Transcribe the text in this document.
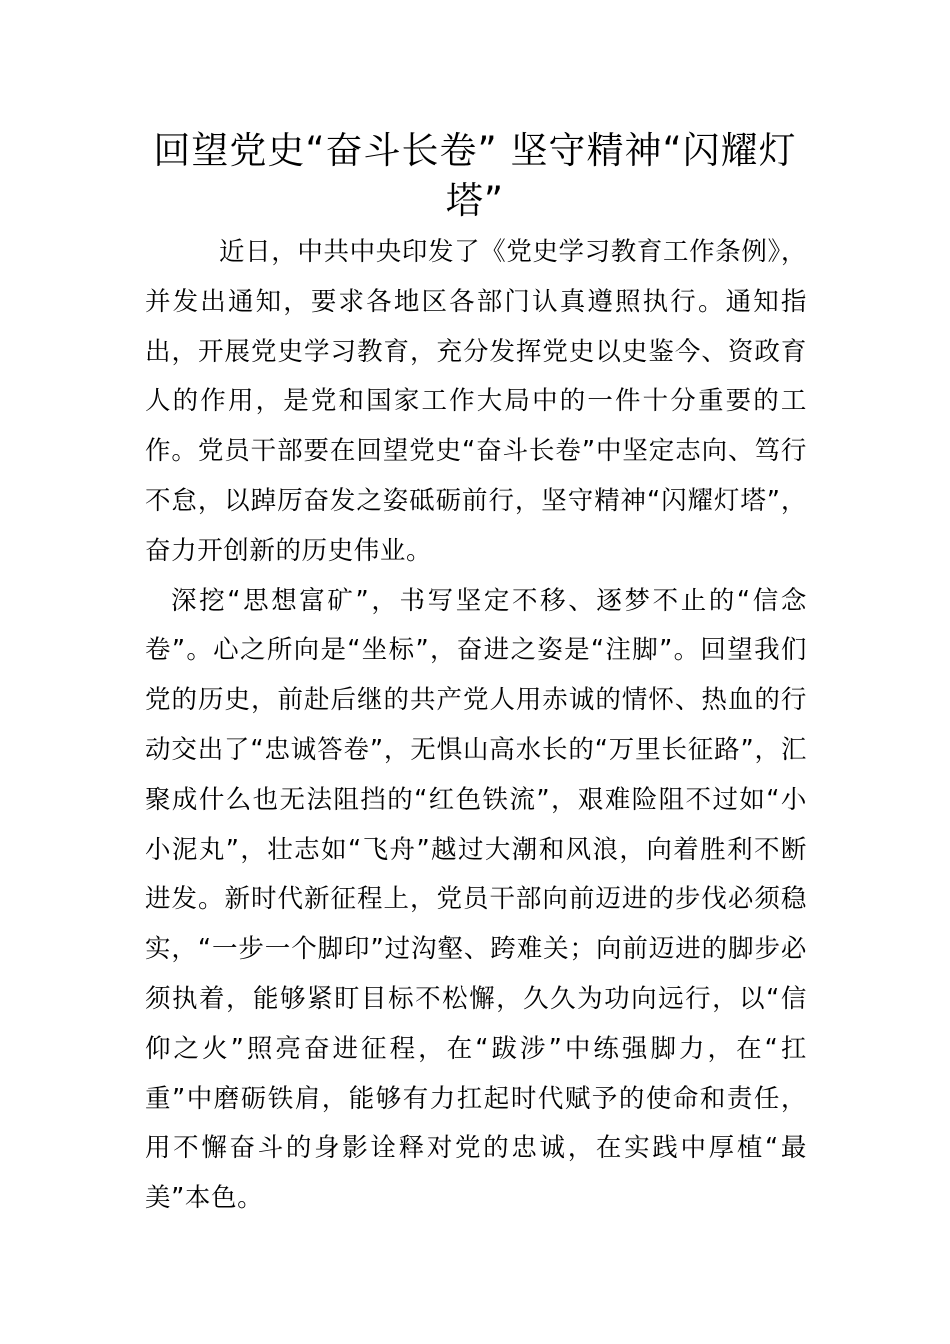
回望党史“奋斗长卷” 坚守精神“闪耀灯塔”

近日，中共中央印发了《党史学习教育工作条例》，并发出通知，要求各地区各部门认真遵照执行。通知指出，开展党史学习教育，充分发挥党史以史鉴今、资政育人的作用，是党和国家工作大局中的一件十分重要的工作。党员干部要在回望党史“奋斗长卷”中坚定志向、笃行不怠，以踔厉奋发之姿砥砺前行，坚守精神“闪耀灯塔”，奋力开创新的历史伟业。

深挖“思想富矿”，书写坚定不移、逐梦不止的“信念卷”。心之所向是“坐标”，奋进之姿是“注脚”。回望我们党的历史，前赴后继的共产党人用赤诚的情怀、热血的行动交出了“忠诚答卷”，无惧山高水长的“万里长征路”，汇聚成什么也无法阻挡的“红色铁流”，艰难险阻不过如“小小泥丸”，壮志如“飞舟”越过大潮和风浪，向着胜利不断进发。新时代新征程上，党员干部向前迈进的步伐必须稳实，“一步一个脚印”过沟壑、跨难关；向前迈进的脚步必须执着，能够紧盯目标不松懈，久久为功向远行，以“信仰之火”照亮奋进征程，在“跋涉”中练强脚力，在“扛重”中磨砺铁肩，能够有力扛起时代赋予的使命和责任，用不懈奋斗的身影诠释对党的忠诚，在实践中厚植“最美”本色。
